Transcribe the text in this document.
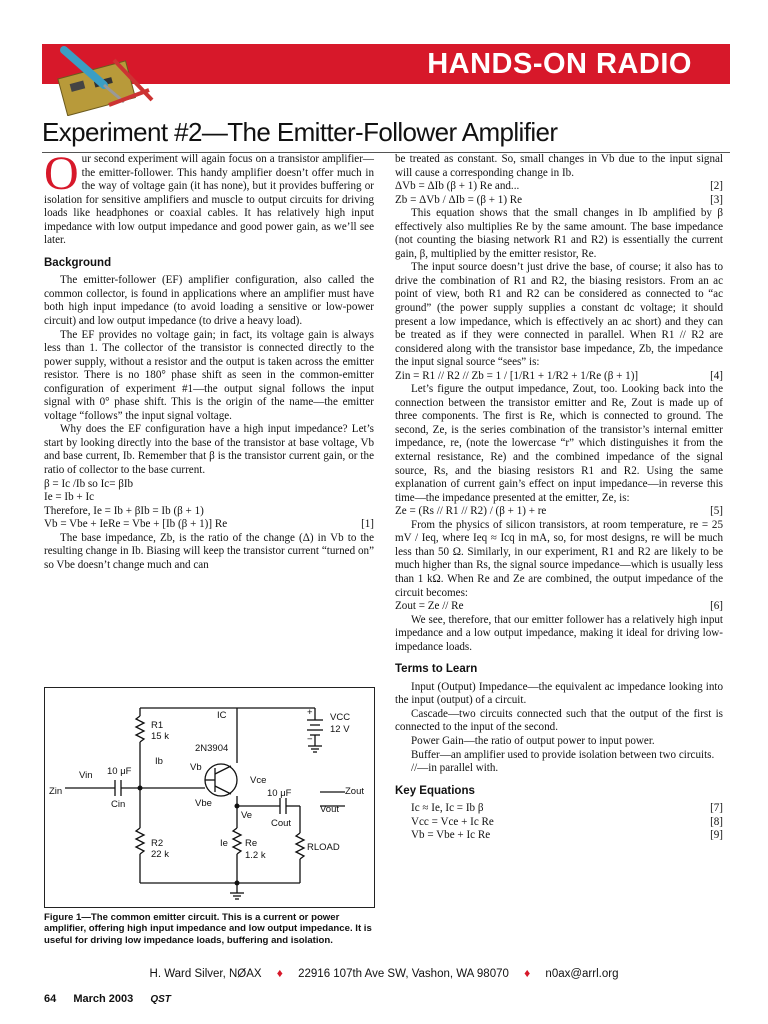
HANDS-ON RADIO
Experiment #2—The Emitter-Follower Amplifier

Our second experiment will again focus on a transistor amplifier—the emitter-follower. This handy amplifier doesn’t offer much in the way of voltage gain (it has none), but it provides buffering or isolation for sensitive amplifiers and muscle to output circuits for driving loads like headphones or coaxial cables. It has relatively high input impedance with low output impedance and good power gain, as we’ll see later.

Background

The emitter-follower (EF) amplifier configuration, also called the common collector, is found in applications where an amplifier must have both high input impedance (to avoid loading a sensitive or low-power circuit) and low output impedance (to drive a heavy load).

The EF provides no voltage gain; in fact, its voltage gain is always less than 1. The collector of the transistor is connected directly to the power supply, without a resistor and the output is taken across the emitter resistor. There is no 180° phase shift as seen in the common-emitter configuration of experiment #1—the output signal follows the input signal with 0° phase shift. This is the origin of the name—the emitter voltage “follows” the input signal voltage.

Why does the EF configuration have a high input impedance? Let’s start by looking directly into the base of the transistor at base voltage, Vb and base current, Ib. Remember that β is the transistor current gain, or the ratio of collector to the base current.

β = Ic /Ib so Ic= βIb

Ie = Ib + Ic

Therefore, Ie = Ib + βIb = Ib (β + 1)

Vb = Vbe + IeRe = Vbe + [Ib (β + 1)] Re	[1]

The base impedance, Zb, is the ratio of the change (Δ) in Vb to the resulting change in Ib. Biasing will keep the transistor current “turned on” so Vbe doesn’t change much and can

R1
15 k
R2
22 k
Re
1.2 k
RLOAD
2N3904
10 μF
Cin
10 μF
Cout
VCC
12 V
+
−
IC
Ib
Ie
Vb
Vce
Vbe
Ve
Vin
Zin	Zout
Vout
Figure 1—The common emitter circuit. This is a current or power amplifier, offering high input impedance and low output impedance. It is useful for driving low impedance loads, buffering and isolation.

be treated as constant. So, small changes in Vb due to the input signal will cause a corresponding change in Ib.

ΔVb = ΔIb (β + 1) Re and...	[2]
Zb = ΔVb / ΔIb = (β + 1) Re	[3]

This equation shows that the small changes in Ib amplified by β effectively also multiplies Re by the same amount. The base impedance (not counting the biasing network R1 and R2) is essentially the current gain, β, multiplied by the emitter resistor, Re.

The input source doesn’t just drive the base, of course; it also has to drive the combination of R1 and R2, the biasing resistors. From an ac point of view, both R1 and R2 can be considered as connected to “ac ground” (the power supply supplies a constant dc voltage; it should present a low impedance, which is effectively an ac short) and they can be treated as if they were connected in parallel. When R1 // R2 are considered along with the transistor base impedance, Zb, the impedance the input signal source “sees” is:

Zin = R1 // R2 // Zb = 1 / [1/R1 + 1/R2 + 1/Re (β + 1)]	[4]

Let’s figure the output impedance, Zout, too. Looking back into the connection between the transistor emitter and Re, Zout is made up of three components. The first is Re, which is connected to ground. The second, Ze, is the series combination of the transistor’s internal emitter impedance, re, (note the lowercase “r” which distinguishes it from the external resistance, Re) and the combined impedance of the signal source, Rs, and the biasing resistors R1 and R2. Using the same explanation of current gain’s effect on input impedance––in reverse this time—the impedance presented at the emitter, Ze, is:

Ze = (Rs // R1 // R2) / (β + 1) + re	[5]

From the physics of silicon transistors, at room temperature, re = 25 mV / Ieq, where Ieq ≈ Icq in mA, so, for most designs, re will be much less than 50 Ω. Similarly, in our experiment, R1 and R2 are likely to be much higher than Rs, the signal source impedance—which is usually less than 1 kΩ. When Re and Ze are combined, the output impedance of the circuit becomes:

Zout = Ze // Re	[6]

We see, therefore, that our emitter follower has a relatively high input impedance and a low output impedance, making it ideal for driving low-impedance loads.

Terms to Learn

Input (Output) Impedance—the equivalent ac impedance looking into the input (output) of a circuit.

Cascade—two circuits connected such that the output of the first is connected to the input of the second.

Power Gain—the ratio of output power to input power.

Buffer—an amplifier used to provide isolation between two circuits.

//—in parallel with.

Key Equations
Ic ≈ Ie, Ic = Ib β	[7]
Vcc = Vce + Ic Re	[8]
Vb = Vbe + Ic Re	[9]
H. Ward Silver, NØAX ♦ 22916 107th Ave SW, Vashon, WA 98070 ♦ n0ax@arrl.org
64 March 2003 QST
